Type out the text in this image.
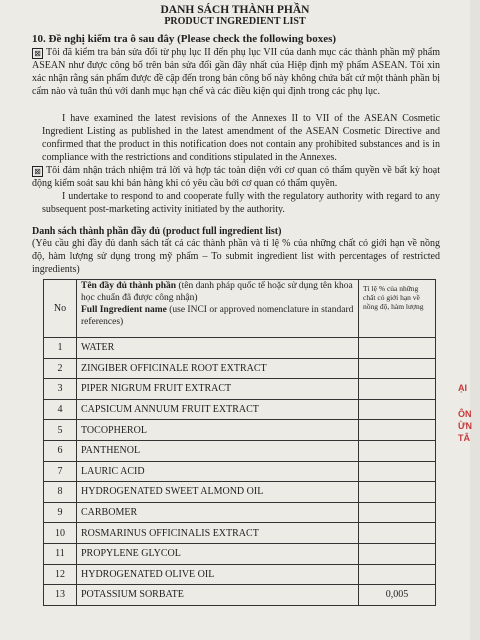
DANH SÁCH THÀNH PHẦN
PRODUCT INGREDIENT LIST
10. Đề nghị kiểm tra ô sau đây (Please check the following boxes)
⊠ Tôi đã kiểm tra bản sửa đổi từ phụ lục II đến phụ lục VII của danh mục các thành phần mỹ phẩm ASEAN như được công bố trên bản sửa đổi gần đây nhất của Hiệp định mỹ phẩm ASEAN. Tôi xin xác nhận rằng sản phẩm được đề cập đến trong bản công bố này không chứa bất cứ một thành phần bị cấm nào và tuân thủ với danh mục hạn chế và các điều kiện qui định trong các phụ lục.
I have examined the latest revisions of the Annexes II to VII of the ASEAN Cosmetic Ingredient Listing as published in the latest amendment of the ASEAN Cosmetic Directive and confirmed that the product in this notification does not contain any prohibited substances and is in compliance with the restrictions and conditions stipulated in the Annexes.
⊠ Tôi đảm nhận trách nhiệm trả lời và hợp tác toàn diện với cơ quan có thẩm quyền về bất kỳ hoạt động kiểm soát sau khi bán hàng khi có yêu cầu bởi cơ quan có thẩm quyền.
I undertake to respond to and cooperate fully with the regulatory authority with regard to any subsequent post-marketing activity initiated by the authority.
Danh sách thành phần đầy đủ (product full ingredient list)
(Yêu cầu ghi đầy đủ danh sách tất cả các thành phần và tỉ lệ % của những chất có giới hạn về nồng độ, hàm lượng sử dụng trong mỹ phẩm – To submit ingredient list with percentages of restricted ingredients)
No	Tên đầy đủ thành phần (tên danh pháp quốc tế hoặc sử dụng tên khoa học chuẩn đã được công nhận)
Full Ingredient name (use INCI or approved nomenclature in standard references)	Tỉ lệ % của những chất có giới hạn về nồng độ, hàm lượng
1	WATER	
2	ZINGIBER OFFICINALE ROOT EXTRACT	
3	PIPER NIGRUM FRUIT EXTRACT	
4	CAPSICUM ANNUUM FRUIT EXTRACT	
5	TOCOPHEROL	
6	PANTHENOL	
7	LAURIC ACID	
8	HYDROGENATED SWEET ALMOND OIL	
9	CARBOMER	
10	ROSMARINUS OFFICINALIS EXTRACT	
11	PROPYLENE GLYCOL	
12	HYDROGENATED OLIVE OIL	
13	POTASSIUM SORBATE	0,005
ẠI
ÔN
ỪN
TÂ
